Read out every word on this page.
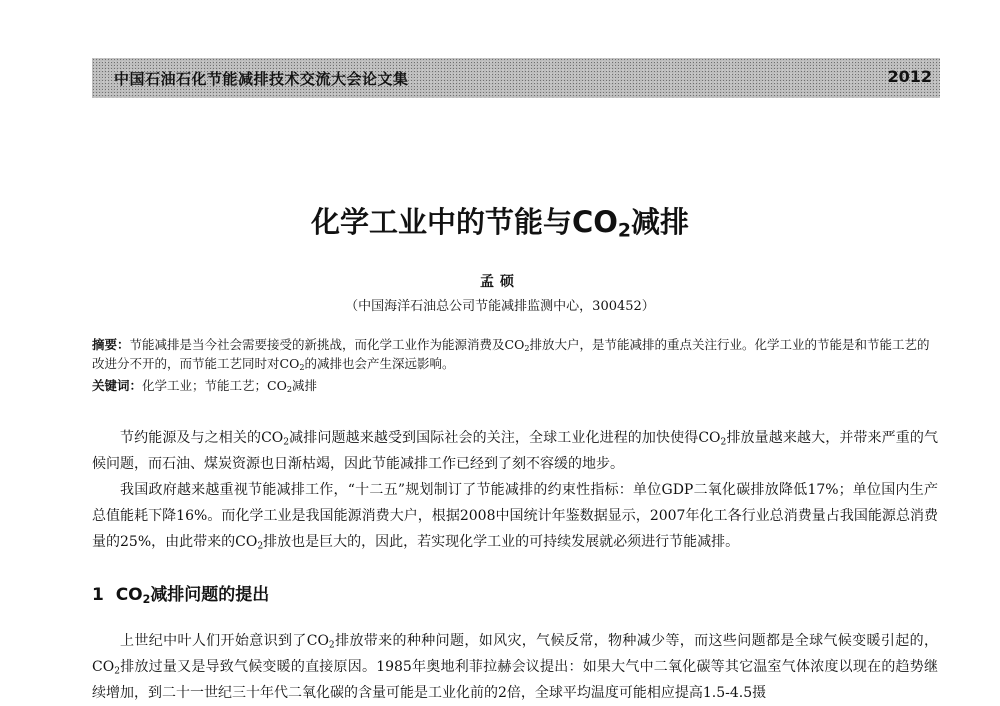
中国石油石化节能减排技术交流大会论文集	2012
化学工业中的节能与$CO_2$减排
孟硕
（中国海洋石油总公司节能减排监测中心，300452）

摘要：节能减排是当今社会需要接受的新挑战，而化学工业作为能源消费及$CO_2$排放大户，是节能减排的重点关注行业。化学工业的节能是和节能工艺的改进分不开的，而节能工艺同时对$CO_2$的减排也会产生深远影响。

关键词：化学工业；节能工艺；$CO_2$减排

节约能源及与之相关的$CO_2$减排问题越来越受到国际社会的关注，全球工业化进程的加快使得$CO_2$排放量越来越大，并带来严重的气候问题，而石油、煤炭资源也日渐枯竭，因此节能减排工作已经到了刻不容缓的地步。

我国政府越来越重视节能减排工作，“十二五”规划制订了节能减排的约束性指标：单位GDP二氧化碳排放降低17%；单位国内生产总值能耗下降16%。而化学工业是我国能源消费大户，根据2008中国统计年鉴数据显示，2007年化工各行业总消费量占我国能源总消费量的25%，由此带来的$CO_2$排放也是巨大的，因此，若实现化学工业的可持续发展就必须进行节能减排。

1 $CO_2$减排问题的提出

上世纪中叶人们开始意识到了$CO_2$排放带来的种种问题，如风灾，气候反常，物种减少等，而这些问题都是全球气候变暖引起的，$CO_2$排放过量又是导致气候变暖的直接原因。1985年奥地利菲拉赫会议提出：如果大气中二氧化碳等其它温室气体浓度以现在的趋势继续增加，到二十一世纪三十年代二氧化碳的含量可能是工业化前的2倍，全球平均温度可能相应提高1.5-4.5摄
